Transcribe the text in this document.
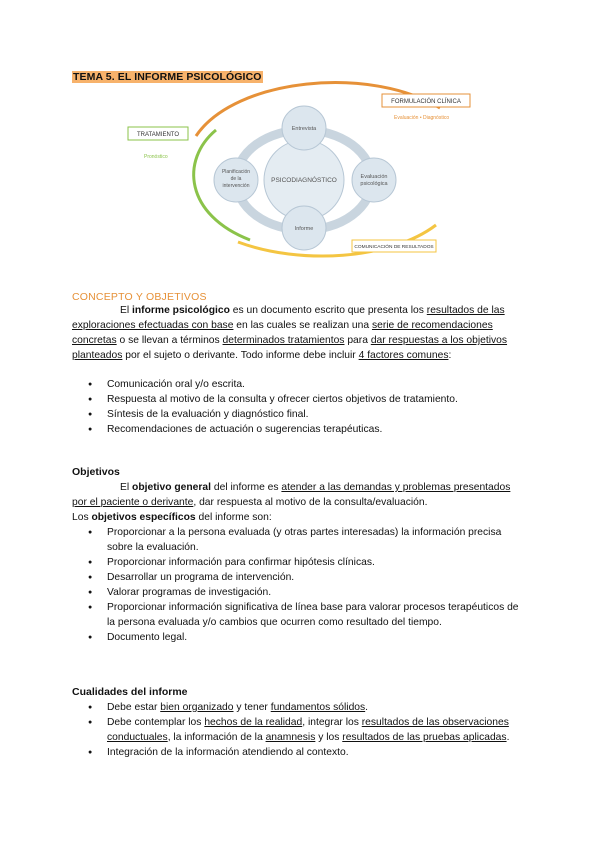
TEMA 5. EL INFORME PSICOLÓGICO
PSICODIAGNÓSTICO
Entrevista
Evaluación
psicológica
Informe
Planificación
de la
intervención
FORMULACIÓN CLÍNICA
Evaluación • Diagnóstico
TRATAMIENTO
Pronóstico
COMUNICACIÓN DE RESULTADOS
CONCEPTO Y OBJETIVOS
El informe psicológico es un documento escrito que presenta los resultados de las exploraciones efectuadas con base en las cuales se realizan una serie de recomendaciones concretas o se llevan a términos determinados tratamientos para dar respuestas a los objetivos planteados por el sujeto o derivante. Todo informe debe incluir 4 factores comunes:
● Comunicación oral y/o escrita.
● Respuesta al motivo de la consulta y ofrecer ciertos objetivos de tratamiento.
● Síntesis de la evaluación y diagnóstico final.
● Recomendaciones de actuación o sugerencias terapéuticas.
Objetivos
El objetivo general del informe es atender a las demandas y problemas presentados por el paciente o derivante, dar respuesta al motivo de la consulta/evaluación.
Los objetivos específicos del informe son:
● Proporcionar a la persona evaluada (y otras partes interesadas) la información precisa sobre la evaluación.
● Proporcionar información para confirmar hipótesis clínicas.
● Desarrollar un programa de intervención.
● Valorar programas de investigación.
● Proporcionar información significativa de línea base para valorar procesos terapéuticos de la persona evaluada y/o cambios que ocurren como resultado del tiempo.
● Documento legal.
Cualidades del informe
● Debe estar bien organizado y tener fundamentos sólidos.
● Debe contemplar los hechos de la realidad, integrar los resultados de las observaciones conductuales, la información de la anamnesis y los resultados de las pruebas aplicadas.
● Integración de la información atendiendo al contexto.
